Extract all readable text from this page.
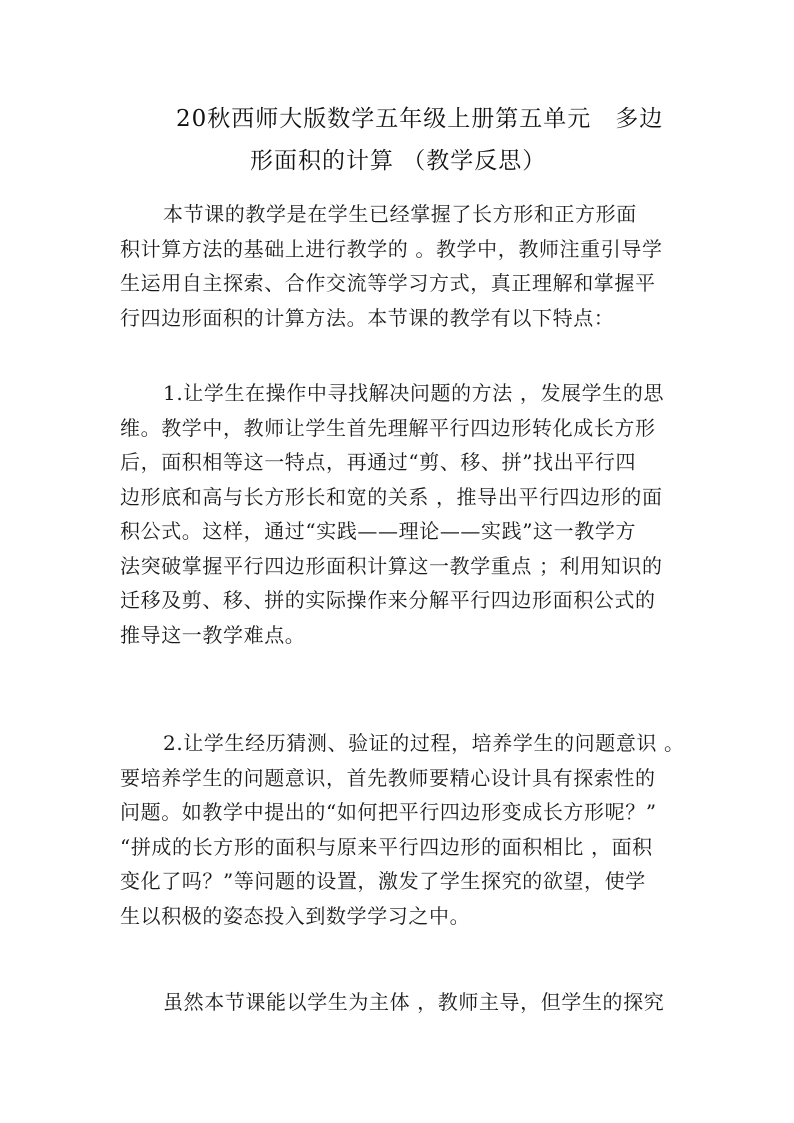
20秋西师大版数学五年级上册第五单元　多边
形面积的计算 （教学反思）
本节课的教学是在学生已经掌握了长方形和正方形面
积计算方法的基础上进行教学的 。教学中，教师注重引导学
生运用自主探索、合作交流等学习方式，真正理解和掌握平
行四边形面积的计算方法。本节课的教学有以下特点：
1.让学生在操作中寻找解决问题的方法 ，发展学生的思
维。教学中，教师让学生首先理解平行四边形转化成长方形
后，面积相等这一特点，再通过“剪、移、拼”找出平行四
边形底和高与长方形长和宽的关系 ，推导出平行四边形的面
积公式。这样，通过“实践——理论——实践”这一教学方
法突破掌握平行四边形面积计算这一教学重点 ；利用知识的
迁移及剪、移、拼的实际操作来分解平行四边形面积公式的
推导这一教学难点。
2.让学生经历猜测、验证的过程，培养学生的问题意识 。
要培养学生的问题意识，首先教师要精心设计具有探索性的
问题。如教学中提出的“如何把平行四边形变成长方形呢？”
“拼成的长方形的面积与原来平行四边形的面积相比 ，面积
变化了吗？”等问题的设置，激发了学生探究的欲望，使学
生以积极的姿态投入到数学学习之中。
虽然本节课能以学生为主体 ，教师主导，但学生的探究
